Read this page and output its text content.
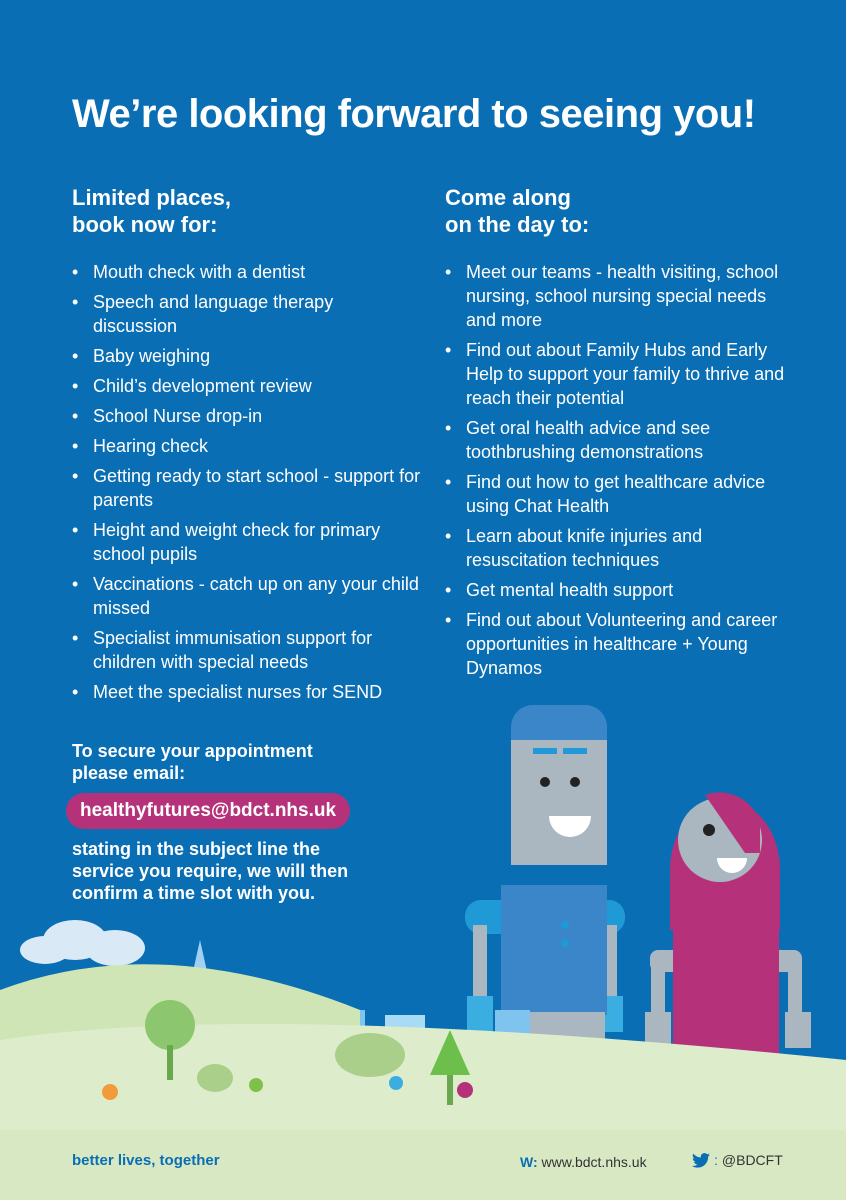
We’re looking forward to seeing you!
Limited places,
book now for:
• Mouth check with a dentist
• Speech and language therapy discussion
• Baby weighing
• Child’s development review
• School Nurse drop-in
• Hearing check
• Getting ready to start school - support for parents
• Height and weight check for primary school pupils
• Vaccinations - catch up on any your child missed
• Specialist immunisation support for children with special needs
• Meet the specialist nurses for SEND
Come along
on the day to:
• Meet our teams - health visiting, school nursing, school nursing special needs and more
• Find out about Family Hubs and Early Help to support your family to thrive and reach their potential
• Get oral health advice and see toothbrushing demonstrations
• Find out how to get healthcare advice using Chat Health
• Learn about knife injuries and resuscitation techniques
• Get mental health support
• Find out about Volunteering and career opportunities in healthcare + Young Dynamos

To secure your appointment
please email:

healthyfutures@bdct.nhs.uk

stating in the subject line the
service you require, we will then
confirm a time slot with you.

better lives, together	W: www.bdct.nhs.uk	: @BDCFT
